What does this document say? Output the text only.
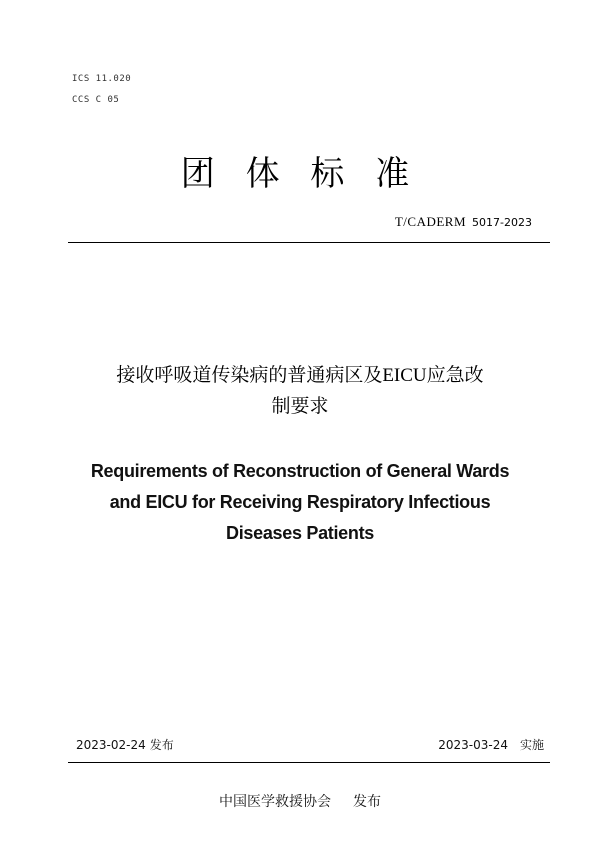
ICS 11.020
CCS C 05
团 体 标 准
T/CADERM 5017-2023
接收呼吸道传染病的普通病区及EICU应急改
制要求
Requirements of Reconstruction of General Wards
and EICU for Receiving Respiratory Infectious
Diseases Patients
2023-02-24 发布	2023-03-24 实施
中国医学救援协会 发布
